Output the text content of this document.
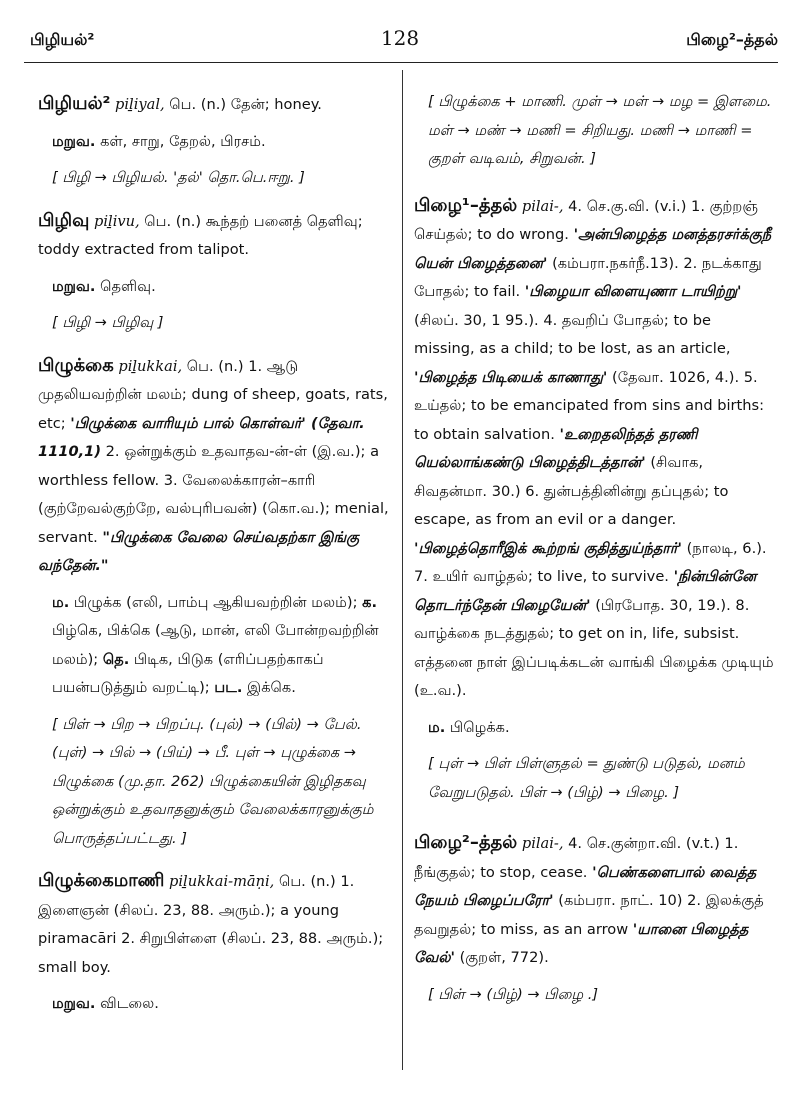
பிழியல்²	128	பிழை²–த்தல்
பிழியல்² piḻiyal, பெ. (n.) தேன்; honey.
மறுவ. கள், சாறு, தேறல், பிரசம்.
[ பிழி → பிழியல். 'தல்' தொ.பெ.ஈறு. ]
பிழிவு piḻivu, பெ. (n.) கூந்தற் பனைத் தெளிவு; toddy extracted from talipot.
மறுவ. தெளிவு.
[ பிழி → பிழிவு ]
பிழுக்கை piḻukkai, பெ. (n.) 1. ஆடு முதலியவற்றின் மலம்; dung of sheep, goats, rats, etc; 'பிழுக்கை வாரியும் பால் கொள்வர்' (தேவா. 1110,1) 2. ஒன்றுக்கும் உதவாதவ-ன்-ள் (இ.வ.); a worthless fellow. 3. வேலைக்காரன்–காரி (குற்றேவல்குற்றே, வல்புரிபவன்) (கொ.வ.); menial, servant. "பிழுக்கை வேலை செய்வதற்கா இங்கு வந்தேன்."
ம. பிழுக்க (எலி, பாம்பு ஆகியவற்றின் மலம்); க. பிழ்கெ, பிக்கெ (ஆடு, மான், எலி போன்றவற்றின் மலம்); தெ. பிடிக, பிடுக (எரிப்பதற்காகப் பயன்படுத்தும் வறட்டி); பட. இக்கெ.
[ பிள் → பிற → பிறப்பு. (புல்) → (பில்) → பேல். (புள்) → பில் → (பிய்) → பீ. புள் → புழுக்கை → பிழுக்கை (மு.தா. 262) பிழுக்கையின் இழிதகவு ஒன்றுக்கும் உதவாதனுக்கும் வேலைக்காரனுக்கும் பொருத்தப்பட்டது. ]
பிழுக்கைமாணி piḻukkai-māṇi, பெ. (n.) 1. இளைஞன் (சிலப். 23, 88. அரும்.); a young piramacāri 2. சிறுபிள்ளை (சிலப். 23, 88. அரும்.); small boy.
மறுவ. விடலை.
[ பிழுக்கை + மாணி. முள் → மள் → மழ = இளமை. மள் → மண் → மணி = சிறியது. மணி → மாணி = குறள் வடிவம், சிறுவன். ]
பிழை¹–த்தல் pilai-, 4. செ.கு.வி. (v.i.) 1. குற்றஞ் செய்தல்; to do wrong. 'அன்பிழைத்த மனத்தரசர்க்குநீ யென் பிழைத்தனை' (கம்பரா.நகர்நீ.13). 2. நடக்காது போதல்; to fail. 'பிழையா விளையுணா டாயிற்று' (சிலப். 30, 1 95.). 4. தவறிப் போதல்; to be missing, as a child; to be lost, as an article, 'பிழைத்த பிடியைக் காணாது' (தேவா. 1026, 4.). 5. உய்தல்; to be emancipated from sins and births: to obtain salvation. 'உறைதலிந்தத் தரணி யெல்லாங்கண்டு பிழைத்திடத்தான்' (சிவாக, சிவதன்மா. 30.) 6. துன்பத்தினின்று தப்புதல்; to escape, as from an evil or a danger. 'பிழைத்தொரீஇக் கூற்றங் குதித்துய்ந்தார்' (நாலடி, 6.). 7. உயிர் வாழ்தல்; to live, to survive. 'நின்பின்னே தொடர்ந்தேன் பிழையேன்' (பிரபோத. 30, 19.). 8. வாழ்க்கை நடத்துதல்; to get on in, life, subsist. எத்தனை நாள் இப்படிக்கடன் வாங்கி பிழைக்க முடியும் (உ.வ.).
ம. பிழெக்க.
[ புள் → பிள் பிள்ளுதல் = துண்டு படுதல், மனம் வேறுபடுதல். பிள் → (பிழ்) → பிழை. ]
பிழை²–த்தல் pilai-, 4. செ.குன்றா.வி. (v.t.) 1. நீங்குதல்; to stop, cease. 'பெண்களைபால் வைத்த நேயம் பிழைப்பரோ' (கம்பரா. நாட். 10) 2. இலக்குத் தவறுதல்; to miss, as an arrow 'யானை பிழைத்த வேல்' (குறள், 772).
[ பிள் → (பிழ்) → பிழை .]
